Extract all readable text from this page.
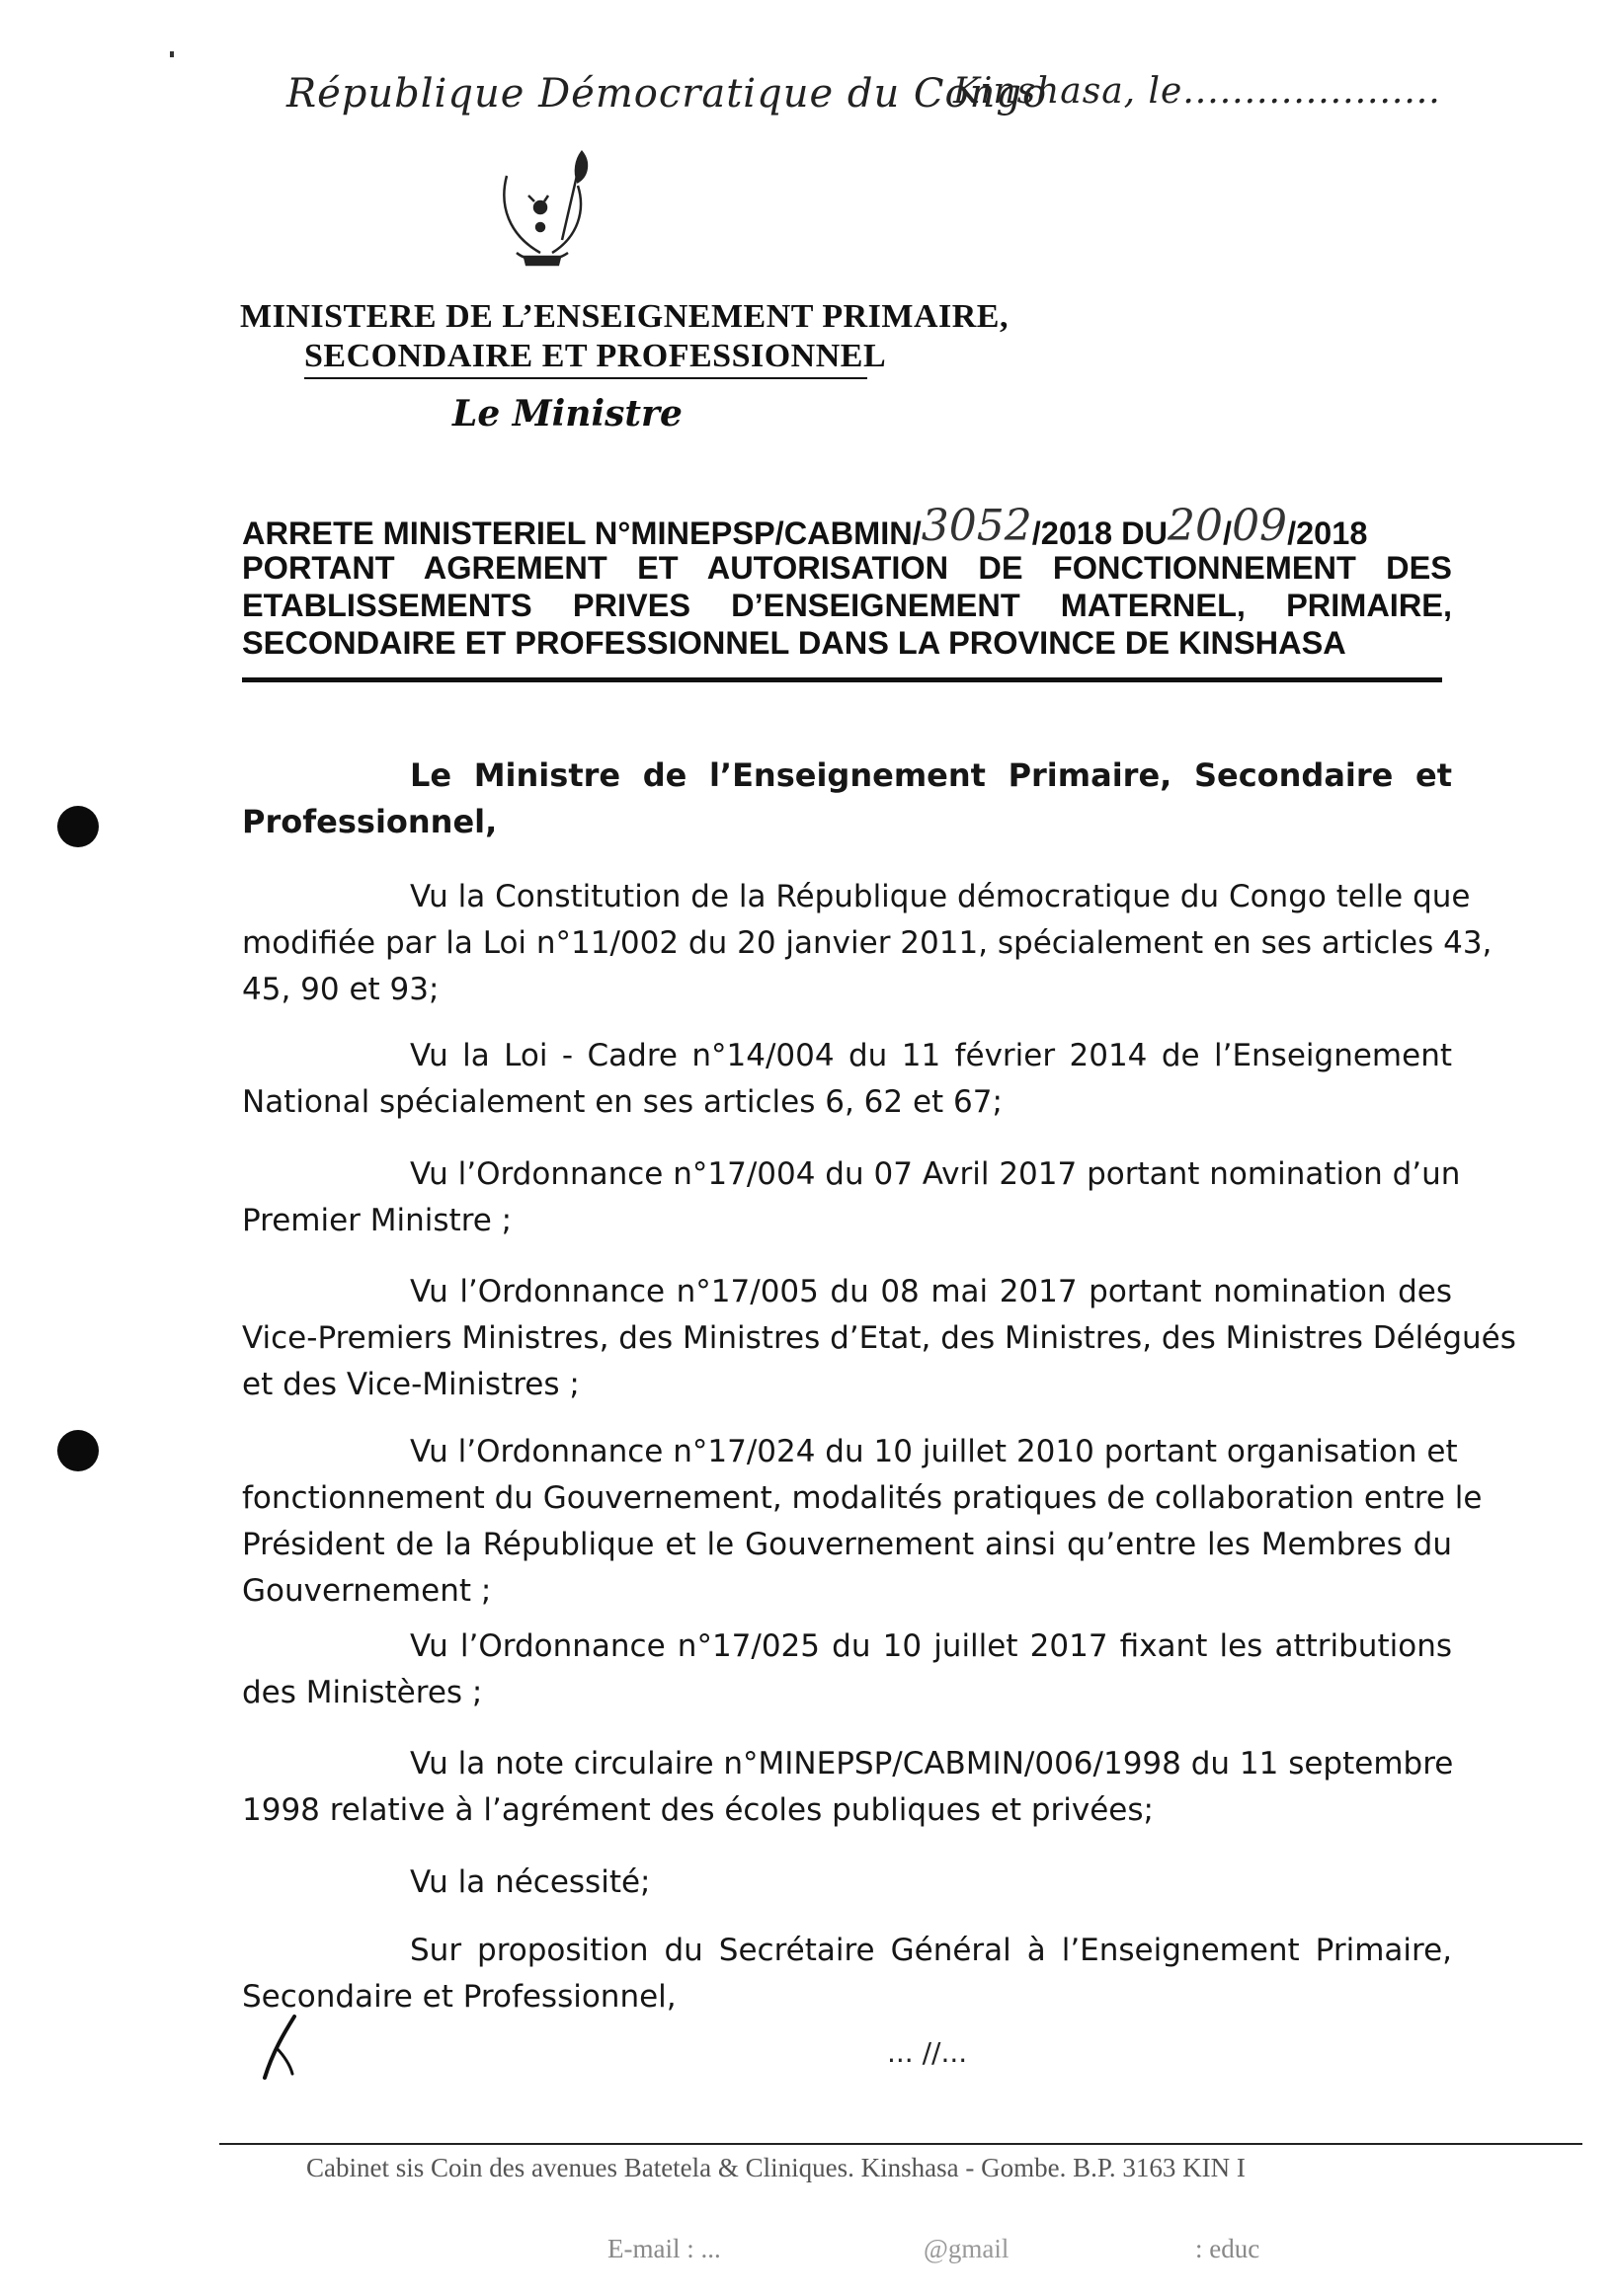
République Démocratique du Congo
Kinshasa, le.....................
MINISTERE DE L’ENSEIGNEMENT PRIMAIRE,
SECONDAIRE ET PROFESSIONNEL
Le Ministre
ARRETE MINISTERIEL N°MINEPSP/CABMIN/3052/2018 DU20/09/2018
PORTANT AGREMENT ET AUTORISATION DE FONCTIONNEMENT DES
ETABLISSEMENTS PRIVES D’ENSEIGNEMENT MATERNEL, PRIMAIRE,
SECONDAIRE ET PROFESSIONNEL DANS LA PROVINCE DE KINSHASA
Le Ministre de l’Enseignement Primaire, Secondaire et
Professionnel,
Vu la Constitution de la République démocratique du Congo telle que
modifiée par la Loi n°11/002 du 20 janvier 2011, spécialement en ses articles 43,
45, 90 et 93;
Vu la Loi - Cadre n°14/004 du 11 février 2014 de l’Enseignement
National spécialement en ses articles 6, 62 et 67;
Vu l’Ordonnance n°17/004 du 07 Avril 2017 portant nomination d’un
Premier Ministre ;
Vu l’Ordonnance n°17/005 du 08 mai 2017 portant nomination des
Vice-Premiers Ministres, des Ministres d’Etat, des Ministres, des Ministres Délégués
et des Vice-Ministres ;
Vu l’Ordonnance n°17/024 du 10 juillet 2010 portant organisation et
fonctionnement du Gouvernement, modalités pratiques de collaboration entre le
Président de la République et le Gouvernement ainsi qu’entre les Membres du
Gouvernement ;
Vu l’Ordonnance n°17/025 du 10 juillet 2017 fixant les attributions
des Ministères ;
Vu la note circulaire n°MINEPSP/CABMIN/006/1998 du 11 septembre
1998 relative à l’agrément des écoles publiques et privées;
Vu la nécessité;
Sur proposition du Secrétaire Général à l’Enseignement Primaire,
Secondaire et Professionnel,
... //...
Cabinet sis Coin des avenues Batetela & Cliniques. Kinshasa - Gombe. B.P. 3163 KIN I
E-mail : ...	@gmail	: educ
